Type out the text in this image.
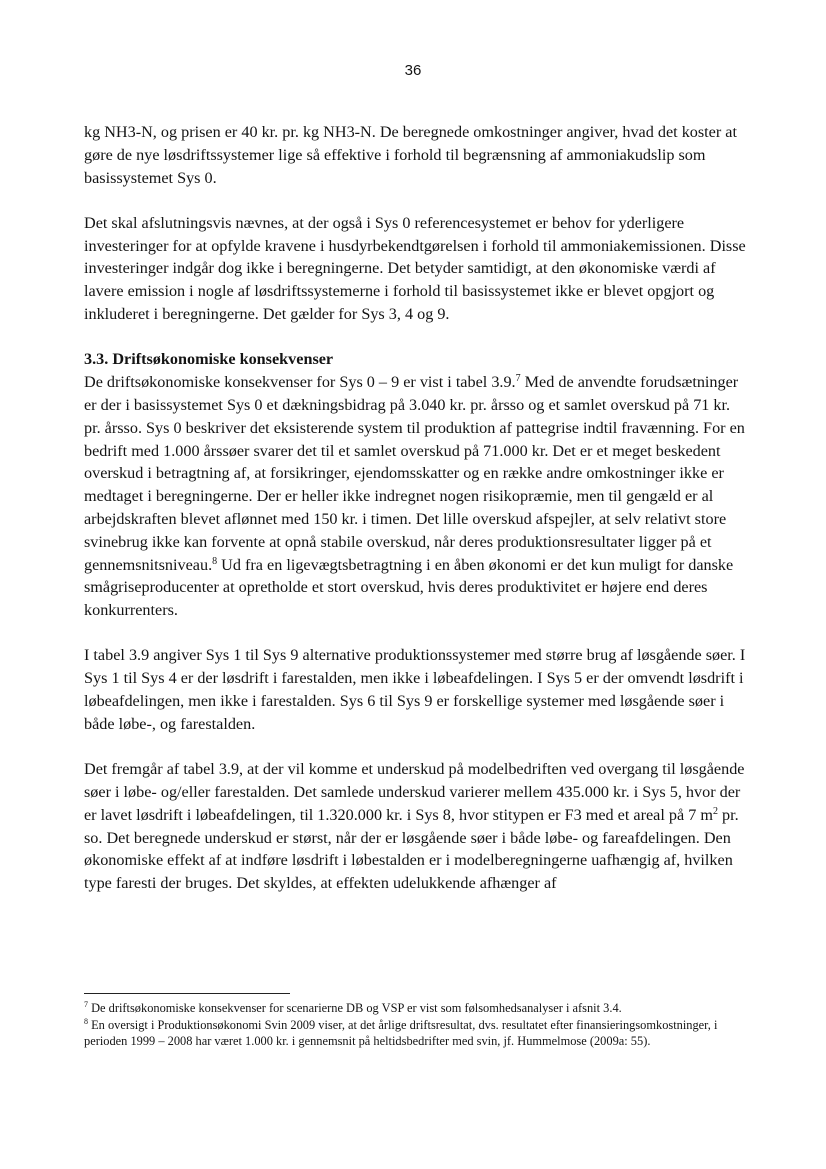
36

kg NH3-N, og prisen er 40 kr. pr. kg NH3-N. De beregnede omkostninger angiver, hvad det koster at gøre de nye løsdriftssystemer lige så effektive i forhold til begrænsning af ammoniakudslip som basissystemet Sys 0.

Det skal afslutningsvis nævnes, at der også i Sys 0 referencesystemet er behov for yderligere investeringer for at opfylde kravene i husdyrbekendtgørelsen i forhold til ammoniakemissionen. Disse investeringer indgår dog ikke i beregningerne. Det betyder samtidigt, at den økonomiske værdi af lavere emission i nogle af løsdriftssystemerne i forhold til basissystemet ikke er blevet opgjort og inkluderet i beregningerne. Det gælder for Sys 3, 4 og 9.

3.3. Driftsøkonomiske konsekvenser

De driftsøkonomiske konsekvenser for Sys 0 – 9 er vist i tabel 3.9.$^7$ Med de anvendte forudsætninger er der i basissystemet Sys 0 et dækningsbidrag på 3.040 kr. pr. årsso og et samlet overskud på 71 kr. pr. årsso. Sys 0 beskriver det eksisterende system til produktion af pattegrise indtil fravænning. For en bedrift med 1.000 årssøer svarer det til et samlet overskud på 71.000 kr. Det er et meget beskedent overskud i betragtning af, at forsikringer, ejendomsskatter og en række andre omkostninger ikke er medtaget i beregningerne. Der er heller ikke indregnet nogen risikopræmie, men til gengæld er al arbejdskraften blevet aflønnet med 150 kr. i timen. Det lille overskud afspejler, at selv relativt store svinebrug ikke kan forvente at opnå stabile overskud, når deres produktionsresultater ligger på et gennemsnitsniveau.$^8$ Ud fra en ligevægtsbetragtning i en åben økonomi er det kun muligt for danske smågriseproducenter at opretholde et stort overskud, hvis deres produktivitet er højere end deres konkurrenters.

I tabel 3.9 angiver Sys 1 til Sys 9 alternative produktionssystemer med større brug af løsgående søer. I Sys 1 til Sys 4 er der løsdrift i farestalden, men ikke i løbeafdelingen. I Sys 5 er der omvendt løsdrift i løbeafdelingen, men ikke i farestalden. Sys 6 til Sys 9 er forskellige systemer med løsgående søer i både løbe-, og farestalden.

Det fremgår af tabel 3.9, at der vil komme et underskud på modelbedriften ved overgang til løsgående søer i løbe- og/eller farestalden. Det samlede underskud varierer mellem 435.000 kr. i Sys 5, hvor der er lavet løsdrift i løbeafdelingen, til 1.320.000 kr. i Sys 8, hvor stitypen er F3 med et areal på 7 $m^2$ pr. so. Det beregnede underskud er størst, når der er løsgående søer i både løbe- og fareafdelingen. Den økonomiske effekt af at indføre løsdrift i løbestalden er i modelberegningerne uafhængig af, hvilken type faresti der bruges. Det skyldes, at effekten udelukkende afhænger af

$^7$ De driftsøkonomiske konsekvenser for scenarierne DB og VSP er vist som følsomhedsanalyser i afsnit 3.4.

$^8$ En oversigt i Produktionsøkonomi Svin 2009 viser, at det årlige driftsresultat, dvs. resultatet efter finansieringsomkostninger, i perioden 1999 – 2008 har været 1.000 kr. i gennemsnit på heltidsbedrifter med svin, jf. Hummelmose (2009a: 55).
